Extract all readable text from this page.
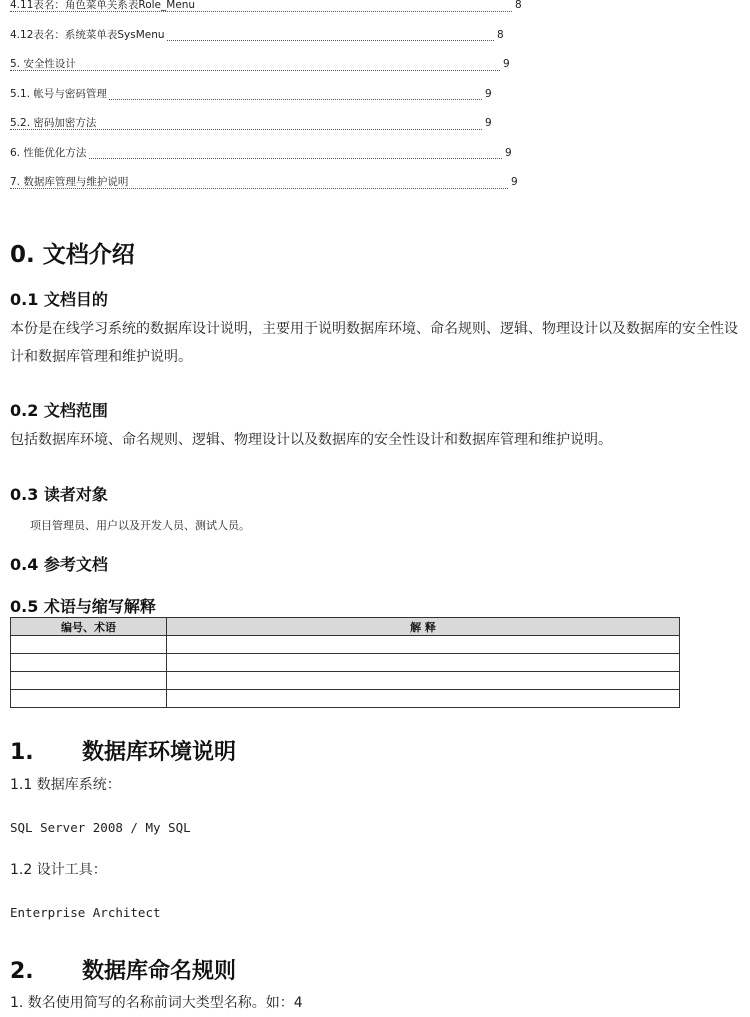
4.11表名：角色菜单关系表Role_Menu	8
4.12表名：系统菜单表SysMenu	8
5. 安全性设计	9
5.1. 帐号与密码管理	9
5.2. 密码加密方法	9
6. 性能优化方法	9
7. 数据库管理与维护说明	9
0. 文档介绍
0.1 文档目的

本份是在线学习系统的数据库设计说明，主要用于说明数据库环境、命名规则、逻辑、物理设计以及数据库的安全性设计和数据库管理和维护说明。

0.2 文档范围

包括数据库环境、命名规则、逻辑、物理设计以及数据库的安全性设计和数据库管理和维护说明。

0.3 读者对象

项目管理员、用户以及开发人员、测试人员。

0.4 参考文档
0.5 术语与缩写解释
编号、术语	解 释

1. 数据库环境说明

1.1 数据库系统：

SQL Server 2008 / My SQL

1.2 设计工具：

Enterprise Architect

2. 数据库命名规则

1. 数名使用简写的名称前词大类型名称。如：4
